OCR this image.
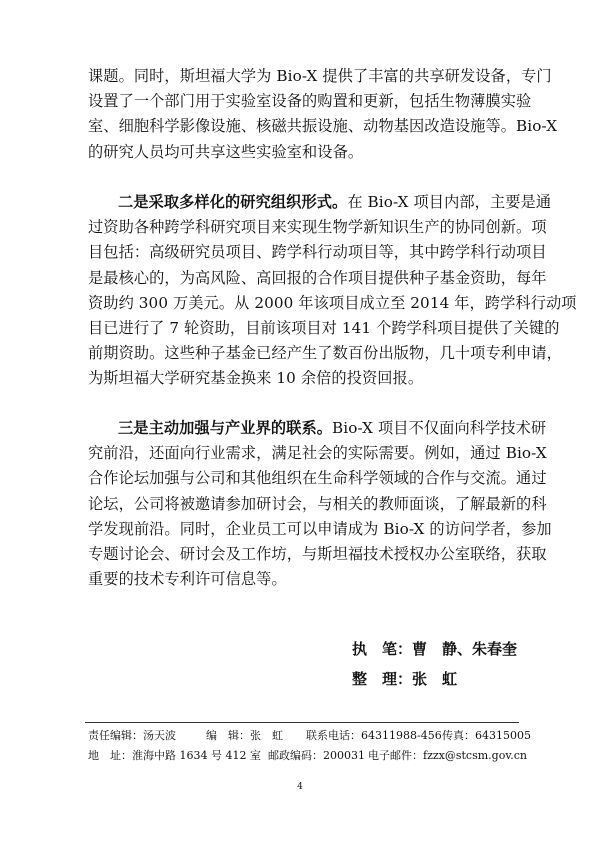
课题。同时，斯坦福大学为 Bio-X 提供了丰富的共享研发设备，专门
设置了一个部门用于实验室设备的购置和更新，包括生物薄膜实验
室、细胞科学影像设施、核磁共振设施、动物基因改造设施等。Bio-X
的研究人员均可共享这些实验室和设备。

二是采取多样化的研究组织形式。在 Bio-X 项目内部，主要是通
过资助各种跨学科研究项目来实现生物学新知识生产的协同创新。项
目包括：高级研究员项目、跨学科行动项目等，其中跨学科行动项目
是最核心的，为高风险、高回报的合作项目提供种子基金资助，每年
资助约 300 万美元。从 2000 年该项目成立至 2014 年，跨学科行动项
目已进行了 7 轮资助，目前该项目对 141 个跨学科项目提供了关键的
前期资助。这些种子基金已经产生了数百份出版物，几十项专利申请，
为斯坦福大学研究基金换来 10 余倍的投资回报。

三是主动加强与产业界的联系。Bio-X 项目不仅面向科学技术研
究前沿，还面向行业需求，满足社会的实际需要。例如，通过 Bio-X
合作论坛加强与公司和其他组织在生命科学领域的合作与交流。通过
论坛，公司将被邀请参加研讨会，与相关的教师面谈，了解最新的科
学发现前沿。同时，企业员工可以申请成为 Bio-X 的访问学者，参加
专题讨论会、研讨会及工作坊，与斯坦福技术授权办公室联络，获取
重要的技术专利许可信息等。

执　笔：曹　静、朱春奎
整　理：张　虹
责任编辑：汤天波	编　辑：张　虹 联系电话：64311988-456 传真：64315005
地　址：淮海中路 1634 号 412 室 邮政编码：200031 电子邮件：fzzx@stcsm.gov.cn
4
